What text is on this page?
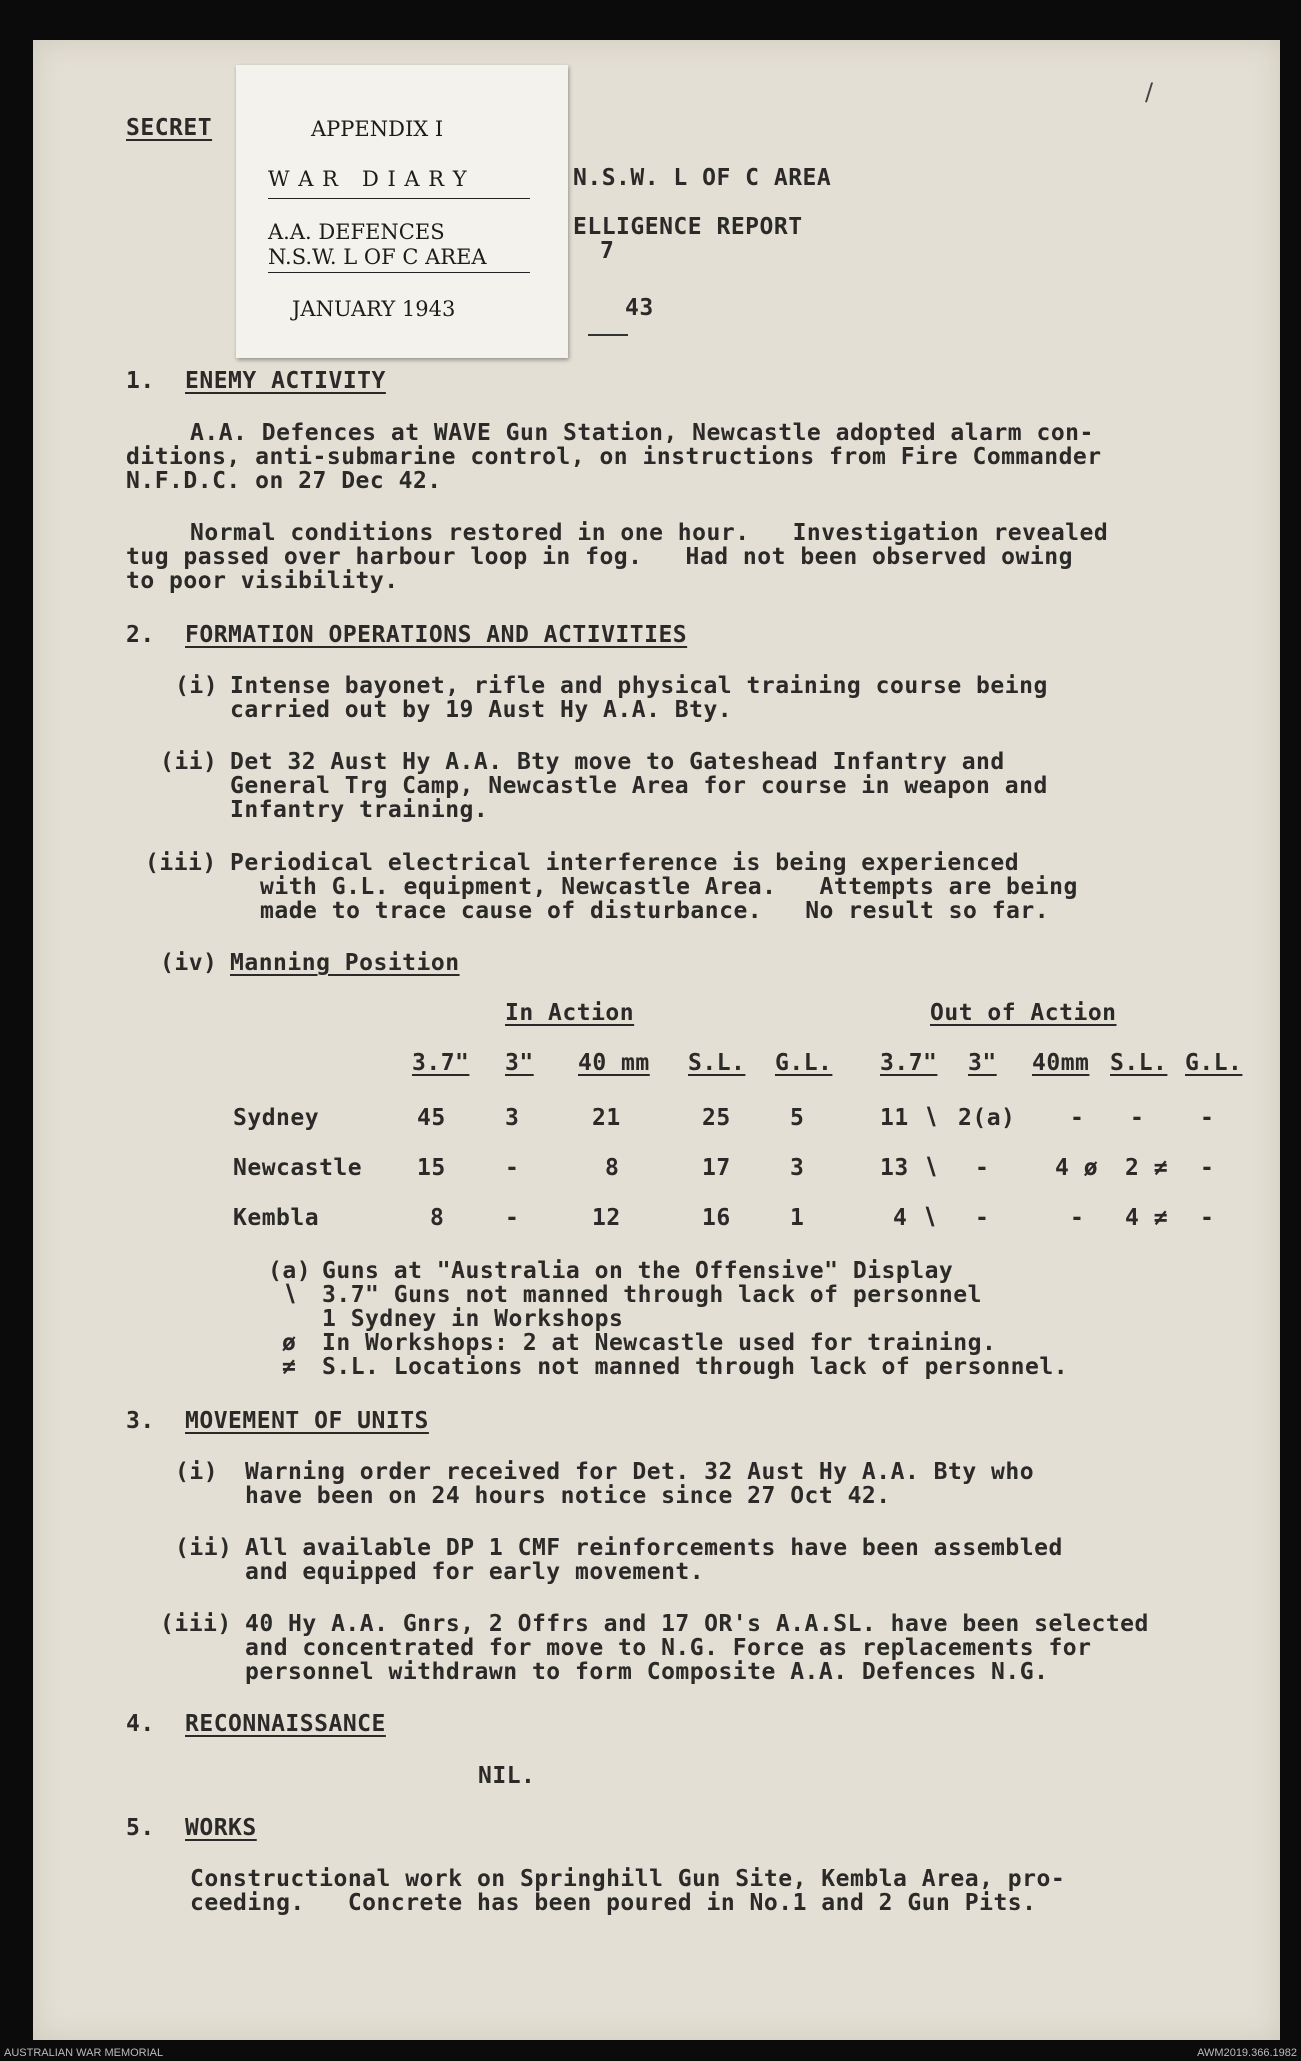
SECRET
N.S.W. L OF C AREA
ELLIGENCE REPORT
7
43
/
APPENDIX I
W A R   D I A R Y
A.A. DEFENCES
N.S.W. L OF C AREA
JANUARY 1943
1. ENEMY ACTIVITY
A.A. Defences at WAVE Gun Station, Newcastle adopted alarm con-
ditions, anti-submarine control, on instructions from Fire Commander
N.F.D.C. on 27 Dec 42.
Normal conditions restored in one hour.   Investigation revealed
tug passed over harbour loop in fog.   Had not been observed owing
to poor visibility.
2. FORMATION OPERATIONS AND ACTIVITIES
(i) Intense bayonet, rifle and physical training course being
carried out by 19 Aust Hy A.A. Bty.
(ii) Det 32 Aust Hy A.A. Bty move to Gateshead Infantry and
General Trg Camp, Newcastle Area for course in weapon and
Infantry training.
(iii) Periodical electrical interference is being experienced
with G.L. equipment, Newcastle Area.   Attempts are being
made to trace cause of disturbance.   No result so far.
(iv) Manning Position
In Action	Out of Action
3.7" 3" 40 mm S.L. G.L. 3.7" 3" 40mm S.L. G.L.
Sydney	45	3	21	25	5	11 ∖ 2(a) - - -
Newcastle 15	-	8	17	3	13 ∖ -	4 ø 2 ≠ -
Kembla	8	-	12	16	1	4 ∖ -	- 4 ≠ -
(a) Guns at "Australia on the Offensive" Display
∖ 3.7" Guns not manned through lack of personnel
1 Sydney in Workshops
ø In Workshops: 2 at Newcastle used for training.
≠ S.L. Locations not manned through lack of personnel.
3. MOVEMENT OF UNITS
(i) Warning order received for Det. 32 Aust Hy A.A. Bty who
have been on 24 hours notice since 27 Oct 42.
(ii) All available DP 1 CMF reinforcements have been assembled
and equipped for early movement.
(iii) 40 Hy A.A. Gnrs, 2 Offrs and 17 OR's A.A.SL. have been selected
and concentrated for move to N.G. Force as replacements for
personnel withdrawn to form Composite A.A. Defences N.G.
4. RECONNAISSANCE
NIL.
5. WORKS
Constructional work on Springhill Gun Site, Kembla Area, pro-
ceeding.   Concrete has been poured in No.1 and 2 Gun Pits.
AUSTRALIAN WAR MEMORIAL	AWM2019.366.1982
